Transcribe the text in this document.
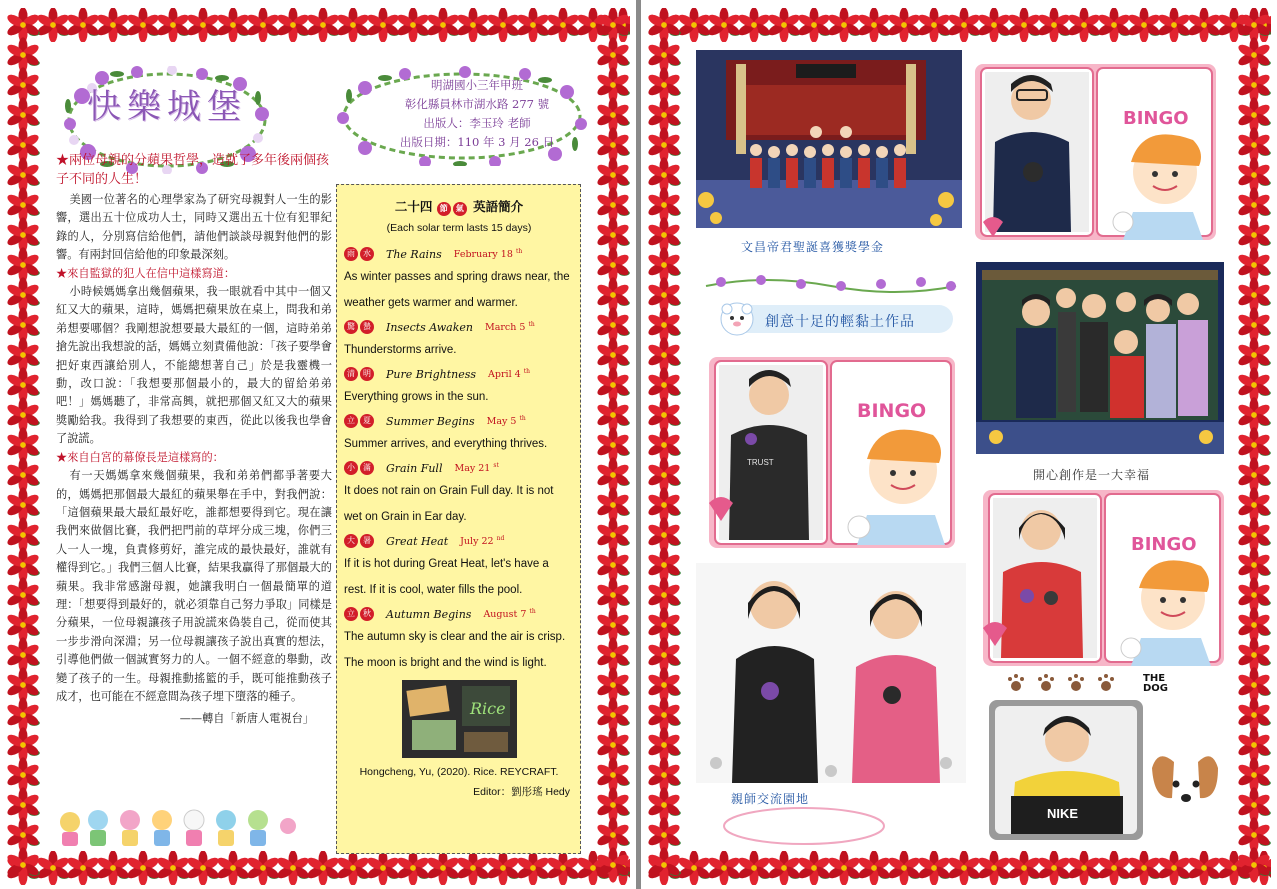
快樂城堡
明湖國小三年甲班
彰化縣員林市湖水路 277 號
出版人：李玉玲 老師
出版日期：110 年 3 月 26 日
★兩位母親的分蘋果哲學，造就了多年後兩個孩子不同的人生！

美國一位著名的心理學家為了研究母親對人一生的影響，選出五十位成功人士，同時又選出五十位有犯罪紀錄的人，分別寫信給他們，請他們談談母親對他們的影響。有兩封回信給他的印象最深刻。

★來自監獄的犯人在信中這樣寫道：

小時候媽媽拿出幾個蘋果，我一眼就看中其中一個又紅又大的蘋果，這時，媽媽把蘋果放在桌上，問我和弟弟想要哪個？我剛想說想要最大最紅的一個，這時弟弟搶先說出我想說的話，媽媽立刻責備他說：「孩子要學會把好東西讓給別人，不能總想著自己」於是我靈機一動，改口說：「我想要那個最小的，最大的留給弟弟吧！」媽媽聽了，非常高興，就把那個又紅又大的蘋果獎勵給我。我得到了我想要的東西，從此以後我也學會了說謊。

★來自白宮的幕僚長是這樣寫的：

有一天媽媽拿來幾個蘋果，我和弟弟們都爭著要大的，媽媽把那個最大最紅的蘋果舉在手中，對我們說：「這個蘋果最大最紅最好吃，誰都想要得到它。現在讓我們來做個比賽，我們把門前的草坪分成三塊，你們三人一人一塊，負責修剪好，誰完成的最快最好，誰就有權得到它。」我們三個人比賽，結果我贏得了那個最大的蘋果。我非常感謝母親，她讓我明白一個最簡單的道理：「想要得到最好的，就必須靠自己努力爭取」同樣是分蘋果，一位母親讓孩子用說謊來偽裝自己，從而使其一步步滑向深淵；另一位母親讓孩子說出真實的想法，引導他們做一個誠實努力的人。一個不經意的舉動，改變了孩子的一生。母親推動搖籃的手，既可能推動孩子成才，也可能在不經意間為孩子埋下墮落的種子。

——轉自「新唐人電視台」
二十四 節 氣 英語簡介
(Each solar term lasts 15 days)
雨	水 The Rains February 18 $^{th}$
As winter passes and spring draws near, the weather gets warmer and warmer.
驚	蟄 Insects Awaken March 5 $^{th}$
Thunderstorms arrive.
清	明 Pure Brightness April 4 $^{th}$
Everything grows in the sun.
立	夏 Summer Begins May 5 $^{th}$
Summer arrives, and everything thrives.
小	滿 Grain Full May 21 $^{st}$
It does not rain on Grain Full day. It is not wet on Grain in Ear day.
大	暑 Great Heat July 22 $^{nd}$
If it is hot during Great Heat, let's have a rest. If it is cool, water fills the pool.
立	秋 Autumn Begins August 7 $^{th}$
The autumn sky is clear and the air is crisp. The moon is bright and the wind is light.
Rice
Hongcheng, Yu, (2020). Rice. REYCRAFT.
Editor：劉彤瑤 Hedy
文昌帝君聖誕喜獲獎學金
BINGO
創意十足的輕黏土作品
開心創作是一大幸福
TRUST
BINGO
親師交流園地
BINGO
THE DOG
NIKE
